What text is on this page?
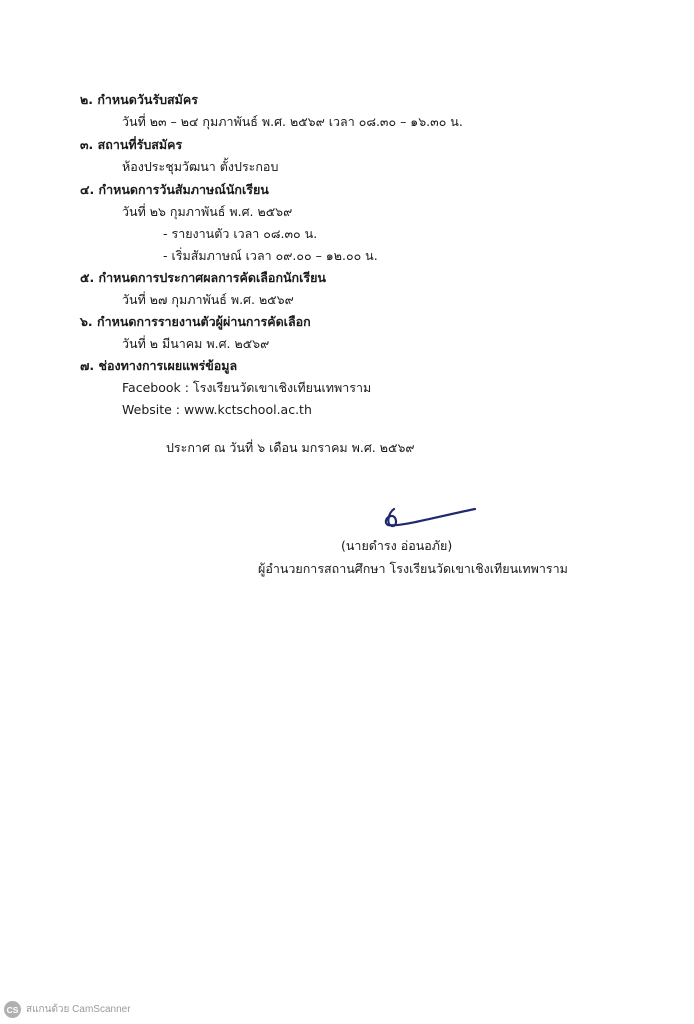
๒. กำหนดวันรับสมัคร
วันที่ ๒๓ – ๒๔ กุมภาพันธ์ พ.ศ. ๒๕๖๙ เวลา ๐๘.๓๐ – ๑๖.๓๐ น.
๓. สถานที่รับสมัคร
ห้องประชุมวัฒนา ตั้งประกอบ
๔. กำหนดการวันสัมภาษณ์นักเรียน
วันที่ ๒๖ กุมภาพันธ์ พ.ศ. ๒๕๖๙
- รายงานตัว เวลา ๐๘.๓๐ น.
- เริ่มสัมภาษณ์ เวลา ๐๙.๐๐ – ๑๒.๐๐ น.
๕. กำหนดการประกาศผลการคัดเลือกนักเรียน
วันที่ ๒๗ กุมภาพันธ์ พ.ศ. ๒๕๖๙
๖. กำหนดการรายงานตัวผู้ผ่านการคัดเลือก
วันที่ ๒ มีนาคม พ.ศ. ๒๕๖๙
๗. ช่องทางการเผยแพร่ข้อมูล
Facebook : โรงเรียนวัดเขาเชิงเทียนเทพาราม
Website : www.kctschool.ac.th
ประกาศ ณ วันที่ ๖ เดือน มกราคม พ.ศ. ๒๕๖๙
(นายดำรง อ่อนอภัย)
ผู้อำนวยการสถานศึกษา โรงเรียนวัดเขาเชิงเทียนเทพาราม
CS สแกนด้วย CamScanner
